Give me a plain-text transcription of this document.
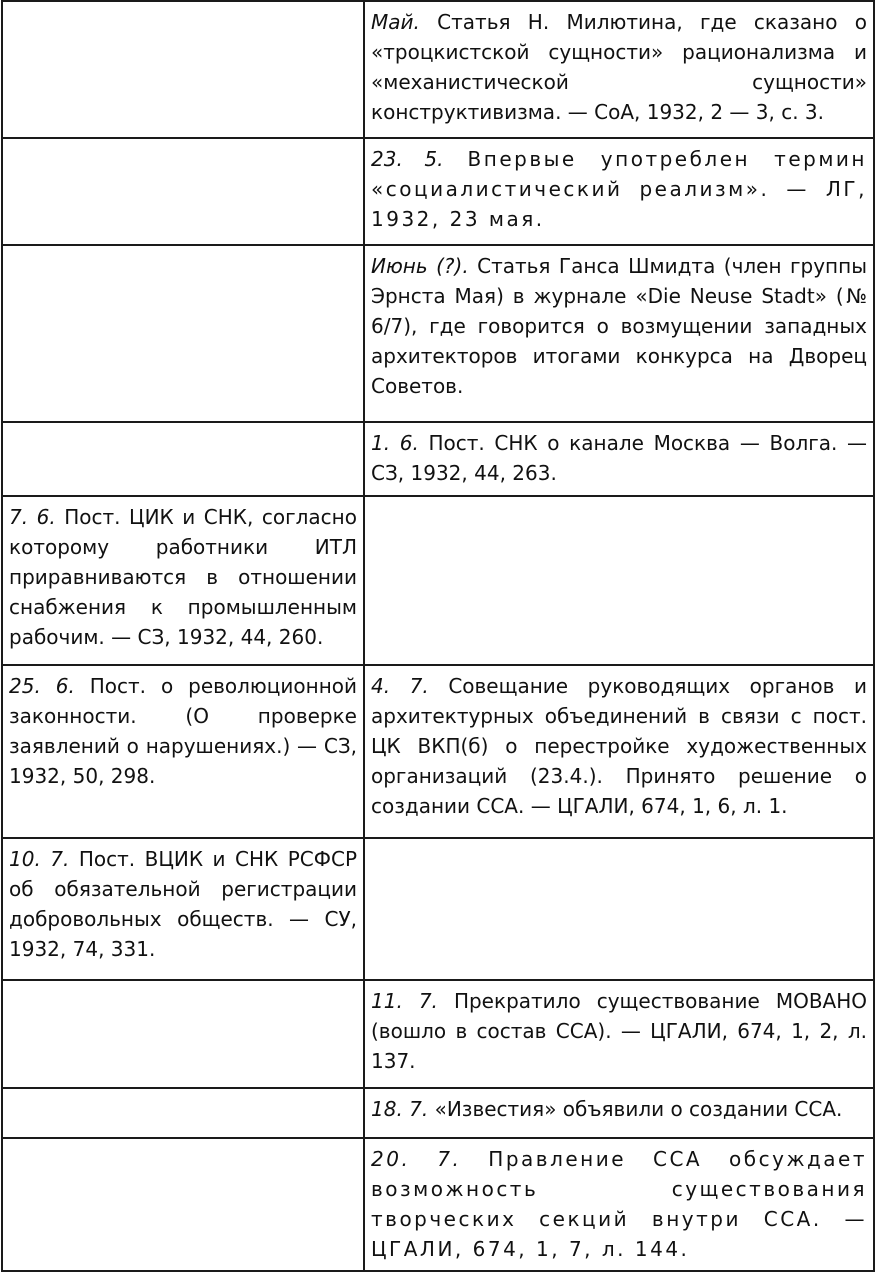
	Май. Статья Н. Милютина, где сказано о «троцкистской сущности» рационализма и «механистической сущности» конструктивизма. — СоА, 1932, 2 — 3, с. 3.
	23. 5. Впервые употреблен термин «социалистический реализм». — ЛГ, 1932, 23 мая.
	Июнь (?). Статья Ганса Шмидта (член группы Эрнста Мая) в журнале «Die Neuse Stadt» (№ 6/7), где говорится о возмущении западных архитекторов итогами конкурса на Дворец Советов.
	1. 6. Пост. СНК о канале Москва — Волга. — СЗ, 1932, 44, 263.
7. 6. Пост. ЦИК и СНК, согласно которому работники ИТЛ приравниваются в отношении снабжения к промышленным рабочим. — СЗ, 1932, 44, 260.	
25. 6. Пост. о революционной законности. (О проверке заявлений о нарушениях.) — СЗ, 1932, 50, 298.	4. 7. Совещание руководящих органов и архитектурных объединений в связи с пост. ЦК ВКП(б) о перестройке художественных организаций (23.4.). Принято решение о создании ССА. — ЦГАЛИ, 674, 1, 6, л. 1.
10. 7. Пост. ВЦИК и СНК РСФСР об обязательной регистрации добровольных обществ. — СУ, 1932, 74, 331.	
	11. 7. Прекратило существование МОВАНО (вошло в состав ССА). — ЦГАЛИ, 674, 1, 2, л. 137.
	18. 7. «Известия» объявили о создании ССА.
	20. 7. Правление ССА обсуждает возможность существования творческих секций внутри ССА. — ЦГАЛИ, 674, 1, 7, л. 144.
